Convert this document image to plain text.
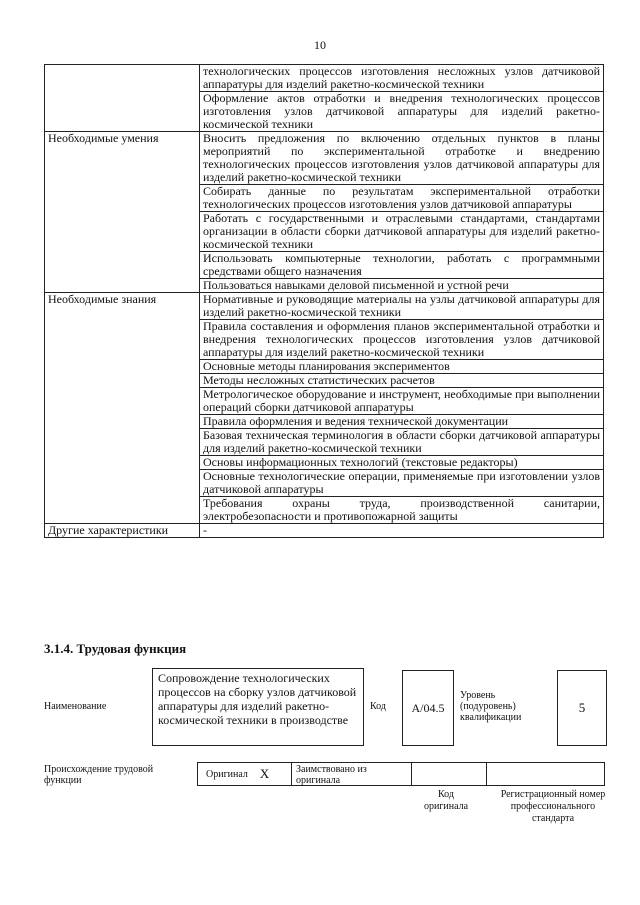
10
	технологических процессов изготовления несложных узлов датчиковой аппаратуры для изделий ракетно-космической техники
	Оформление актов отработки и внедрения технологических процессов изготовления узлов датчиковой аппаратуры для изделий ракетно-космической техники
Необходимые умения	Вносить предложения по включению отдельных пунктов в планы мероприятий по экспериментальной отработке и внедрению технологических процессов изготовления узлов датчиковой аппаратуры для изделий ракетно-космической техники
	Собирать данные по результатам экспериментальной отработки технологических процессов изготовления узлов датчиковой аппаратуры
	Работать с государственными и отраслевыми стандартами, стандартами организации в области сборки датчиковой аппаратуры для изделий ракетно-космической техники
	Использовать компьютерные технологии, работать с программными средствами общего назначения
	Пользоваться навыками деловой письменной и устной речи
Необходимые знания	Нормативные и руководящие материалы на узлы датчиковой аппаратуры для изделий ракетно-космической техники
	Правила составления и оформления планов экспериментальной отработки и внедрения технологических процессов изготовления узлов датчиковой аппаратуры для изделий ракетно-космической техники
	Основные методы планирования экспериментов
	Методы несложных статистических расчетов
	Метрологическое оборудование и инструмент, необходимые при выполнении операций сборки датчиковой аппаратуры
	Правила оформления и ведения технической документации
	Базовая техническая терминология в области сборки датчиковой аппаратуры для изделий ракетно-космической техники
	Основы информационных технологий (текстовые редакторы)
	Основные технологические операции, применяемые при изготовлении узлов датчиковой аппаратуры
	Требования охраны труда, производственной санитарии, электробезопасности и противопожарной защиты
Другие характеристики	-
3.1.4. Трудовая функция
Наименование
Сопровождение технологических процессов на сборку узлов датчиковой аппаратуры для изделий ракетно-космической техники в производстве
Код	A/04.5
Уровень (подуровень) квалификации
5
Происхождение трудовой функции
Оригинал X	Заимствовано из оригинала
Код оригинала
Регистрационный номер профессионального стандарта
